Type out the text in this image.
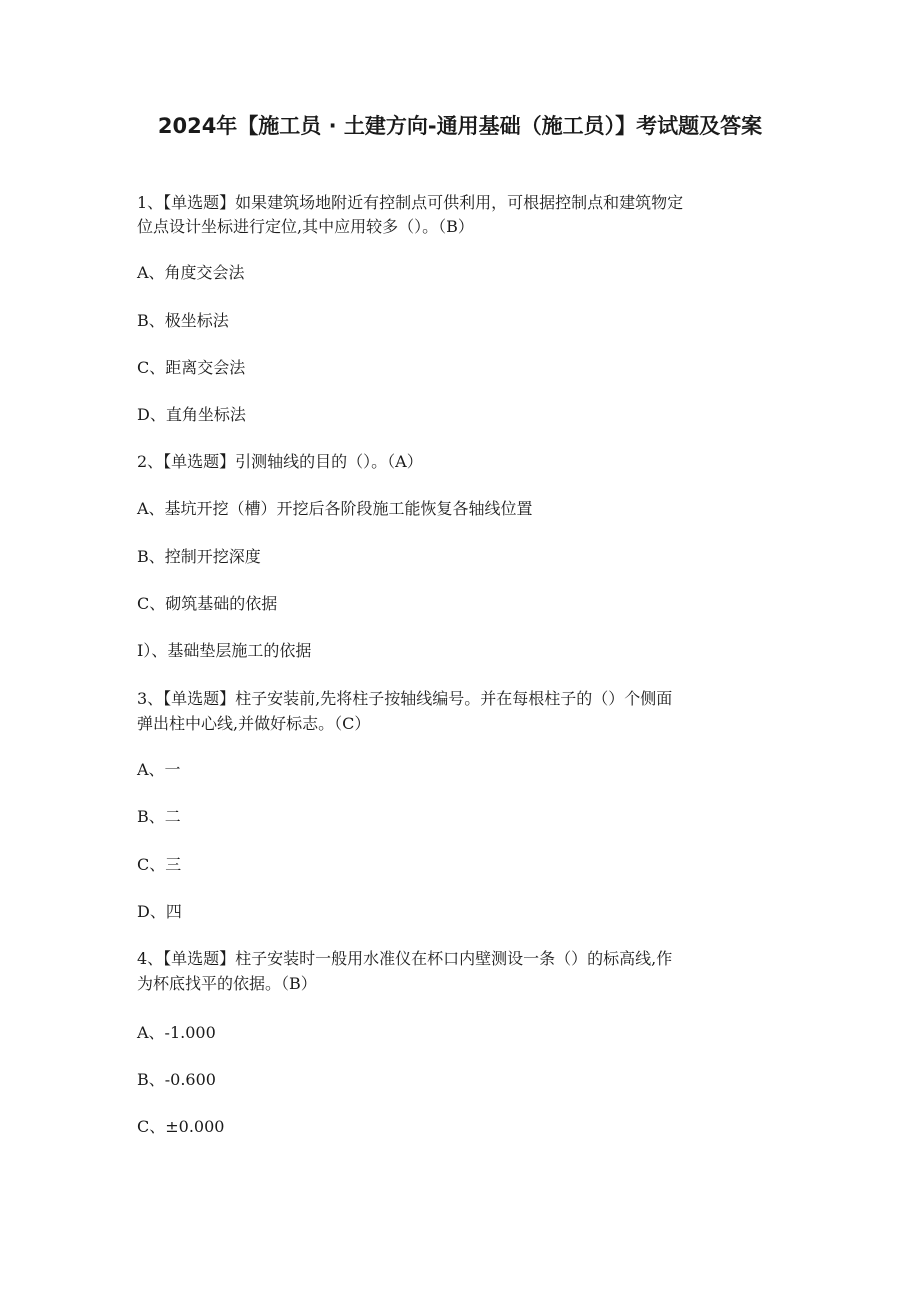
2024年【施工员 · 土建方向-通用基础（施工员）】考试题及答案
1、【单选题】如果建筑场地附近有控制点可供利用，可根据控制点和建筑物定
位点设计坐标进行定位,其中应用较多（）。（B）
A、角度交会法
B、极坐标法
C、距离交会法
D、直角坐标法
2、【单选题】引测轴线的目的（）。（A）
A、基坑开挖（槽）开挖后各阶段施工能恢复各轴线位置
B、控制开挖深度
C、砌筑基础的依据
I）、基础垫层施工的依据
3、【单选题】柱子安装前,先将柱子按轴线编号。并在每根柱子的（）个侧面
弹出柱中心线,并做好标志。（C）
A、一
B、二
C、三
D、四
4、【单选题】柱子安装时一般用水准仪在杯口内壁测设一条（）的标高线,作
为杯底找平的依据。（B）
A、-1.000
B、-0.600
C、±0.000
